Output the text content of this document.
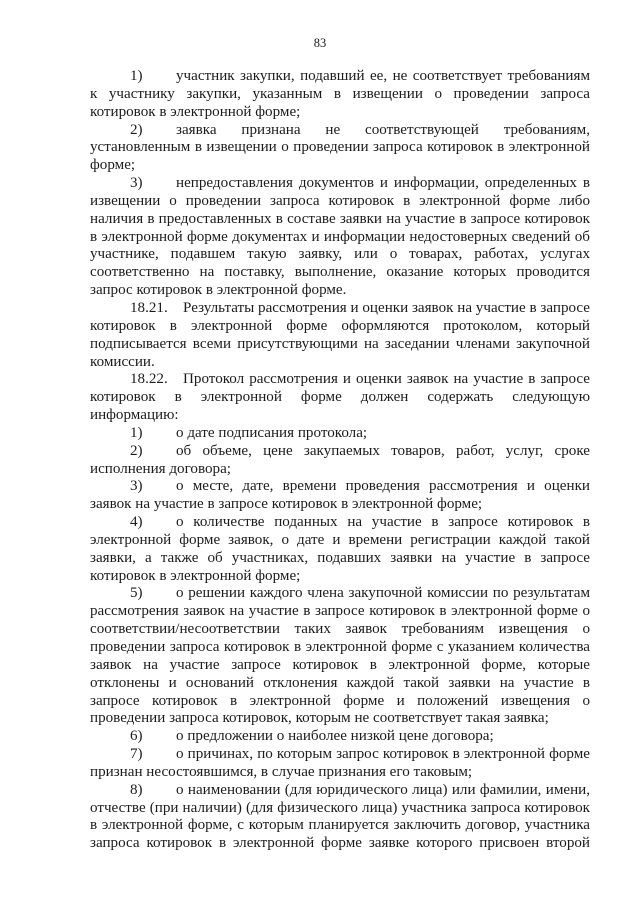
83

1) участник закупки, подавший ее, не соответствует требованиям к участнику закупки, указанным в извещении о проведении запроса котировок в электронной форме;

2) заявка признана не соответствующей требованиям, установленным в извещении о проведении запроса котировок в электронной форме;

3) непредоставления документов и информации, определенных в извещении о проведении запроса котировок в электронной форме либо наличия в предоставленных в составе заявки на участие в запросе котировок в электронной форме документах и информации недостоверных сведений об участнике, подавшем такую заявку, или о товарах, работах, услугах соответственно на поставку, выполнение, оказание которых проводится запрос котировок в электронной форме.

18.21. Результаты рассмотрения и оценки заявок на участие в запросе котировок в электронной форме оформляются протоколом, который подписывается всеми присутствующими на заседании членами закупочной комиссии.

18.22. Протокол рассмотрения и оценки заявок на участие в запросе котировок в электронной форме должен содержать следующую информацию:

1) о дате подписания протокола;

2) об объеме, цене закупаемых товаров, работ, услуг, сроке исполнения договора;

3) о месте, дате, времени проведения рассмотрения и оценки заявок на участие в запросе котировок в электронной форме;

4) о количестве поданных на участие в запросе котировок в электронной форме заявок, о дате и времени регистрации каждой такой заявки, а также об участниках, подавших заявки на участие в запросе котировок в электронной форме;

5) о решении каждого члена закупочной комиссии по результатам рассмотрения заявок на участие в запросе котировок в электронной форме о соответствии/несоответствии таких заявок требованиям извещения о проведении запроса котировок в электронной форме с указанием количества заявок на участие запросе котировок в электронной форме, которые отклонены и оснований отклонения каждой такой заявки на участие в запросе котировок в электронной форме и положений извещения о проведении запроса котировок, которым не соответствует такая заявка;

6) о предложении о наиболее низкой цене договора;

7) о причинах, по которым запрос котировок в электронной форме признан несостоявшимся, в случае признания его таковым;

8) о наименовании (для юридического лица) или фамилии, имени, отчестве (при наличии) (для физического лица) участника запроса котировок в электронной форме, с которым планируется заключить договор, участника запроса котировок в электронной форме заявке которого присвоен второй
